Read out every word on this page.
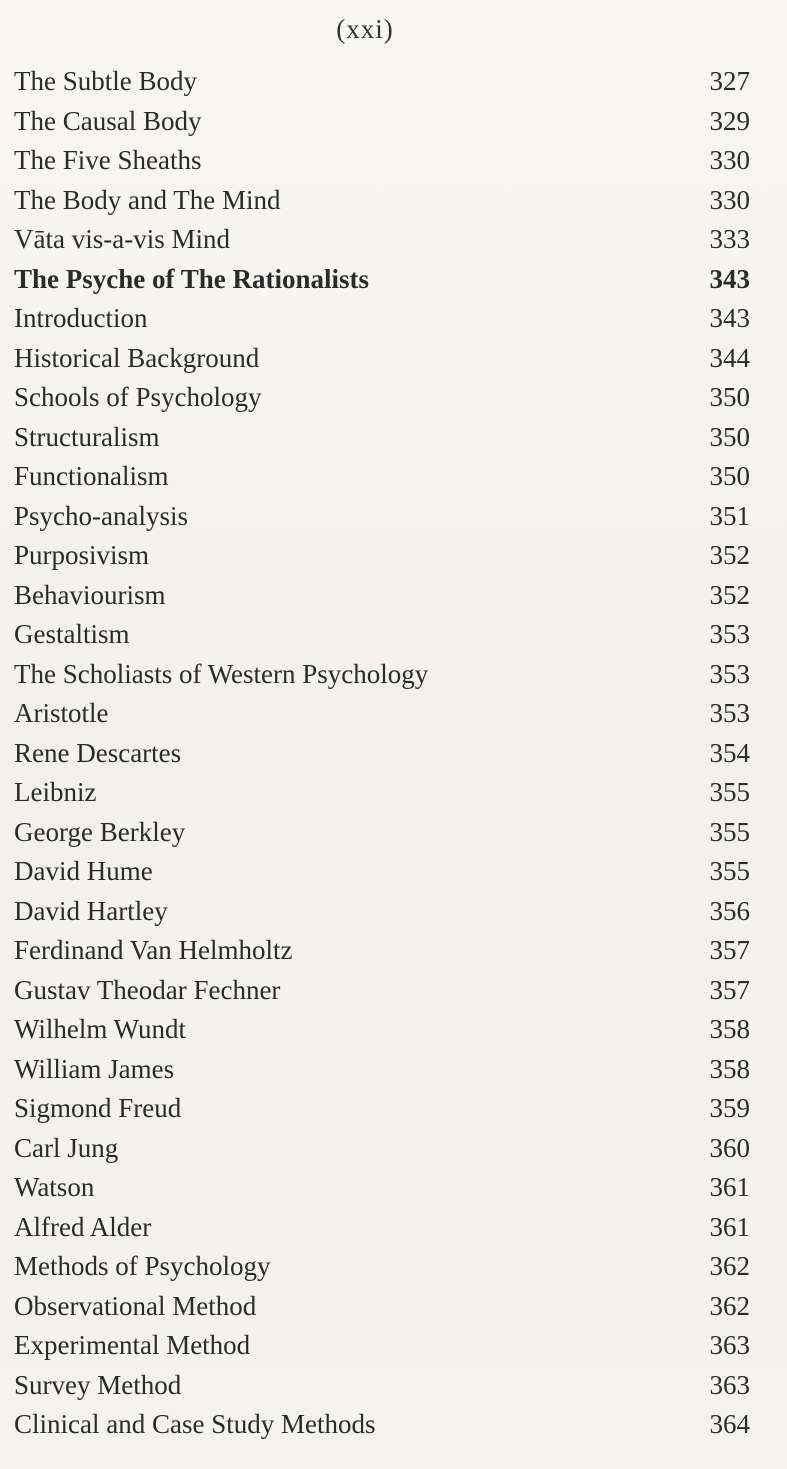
(xxi)
The Subtle Body	327
The Causal Body	329
The Five Sheaths	330
The Body and The Mind	330
Vāta vis-a-vis Mind	333
The Psyche of The Rationalists	343
Introduction	343
Historical Background	344
Schools of Psychology	350
Structuralism	350
Functionalism	350
Psycho-analysis	351
Purposivism	352
Behaviourism	352
Gestaltism	353
The Scholiasts of Western Psychology	353
Aristotle	353
Rene Descartes	354
Leibniz	355
George Berkley	355
David Hume	355
David Hartley	356
Ferdinand Van Helmholtz	357
Gustav Theodar Fechner	357
Wilhelm Wundt	358
William James	358
Sigmond Freud	359
Carl Jung	360
Watson	361
Alfred Alder	361
Methods of Psychology	362
Observational Method	362
Experimental Method	363
Survey Method	363
Clinical and Case Study Methods	364
